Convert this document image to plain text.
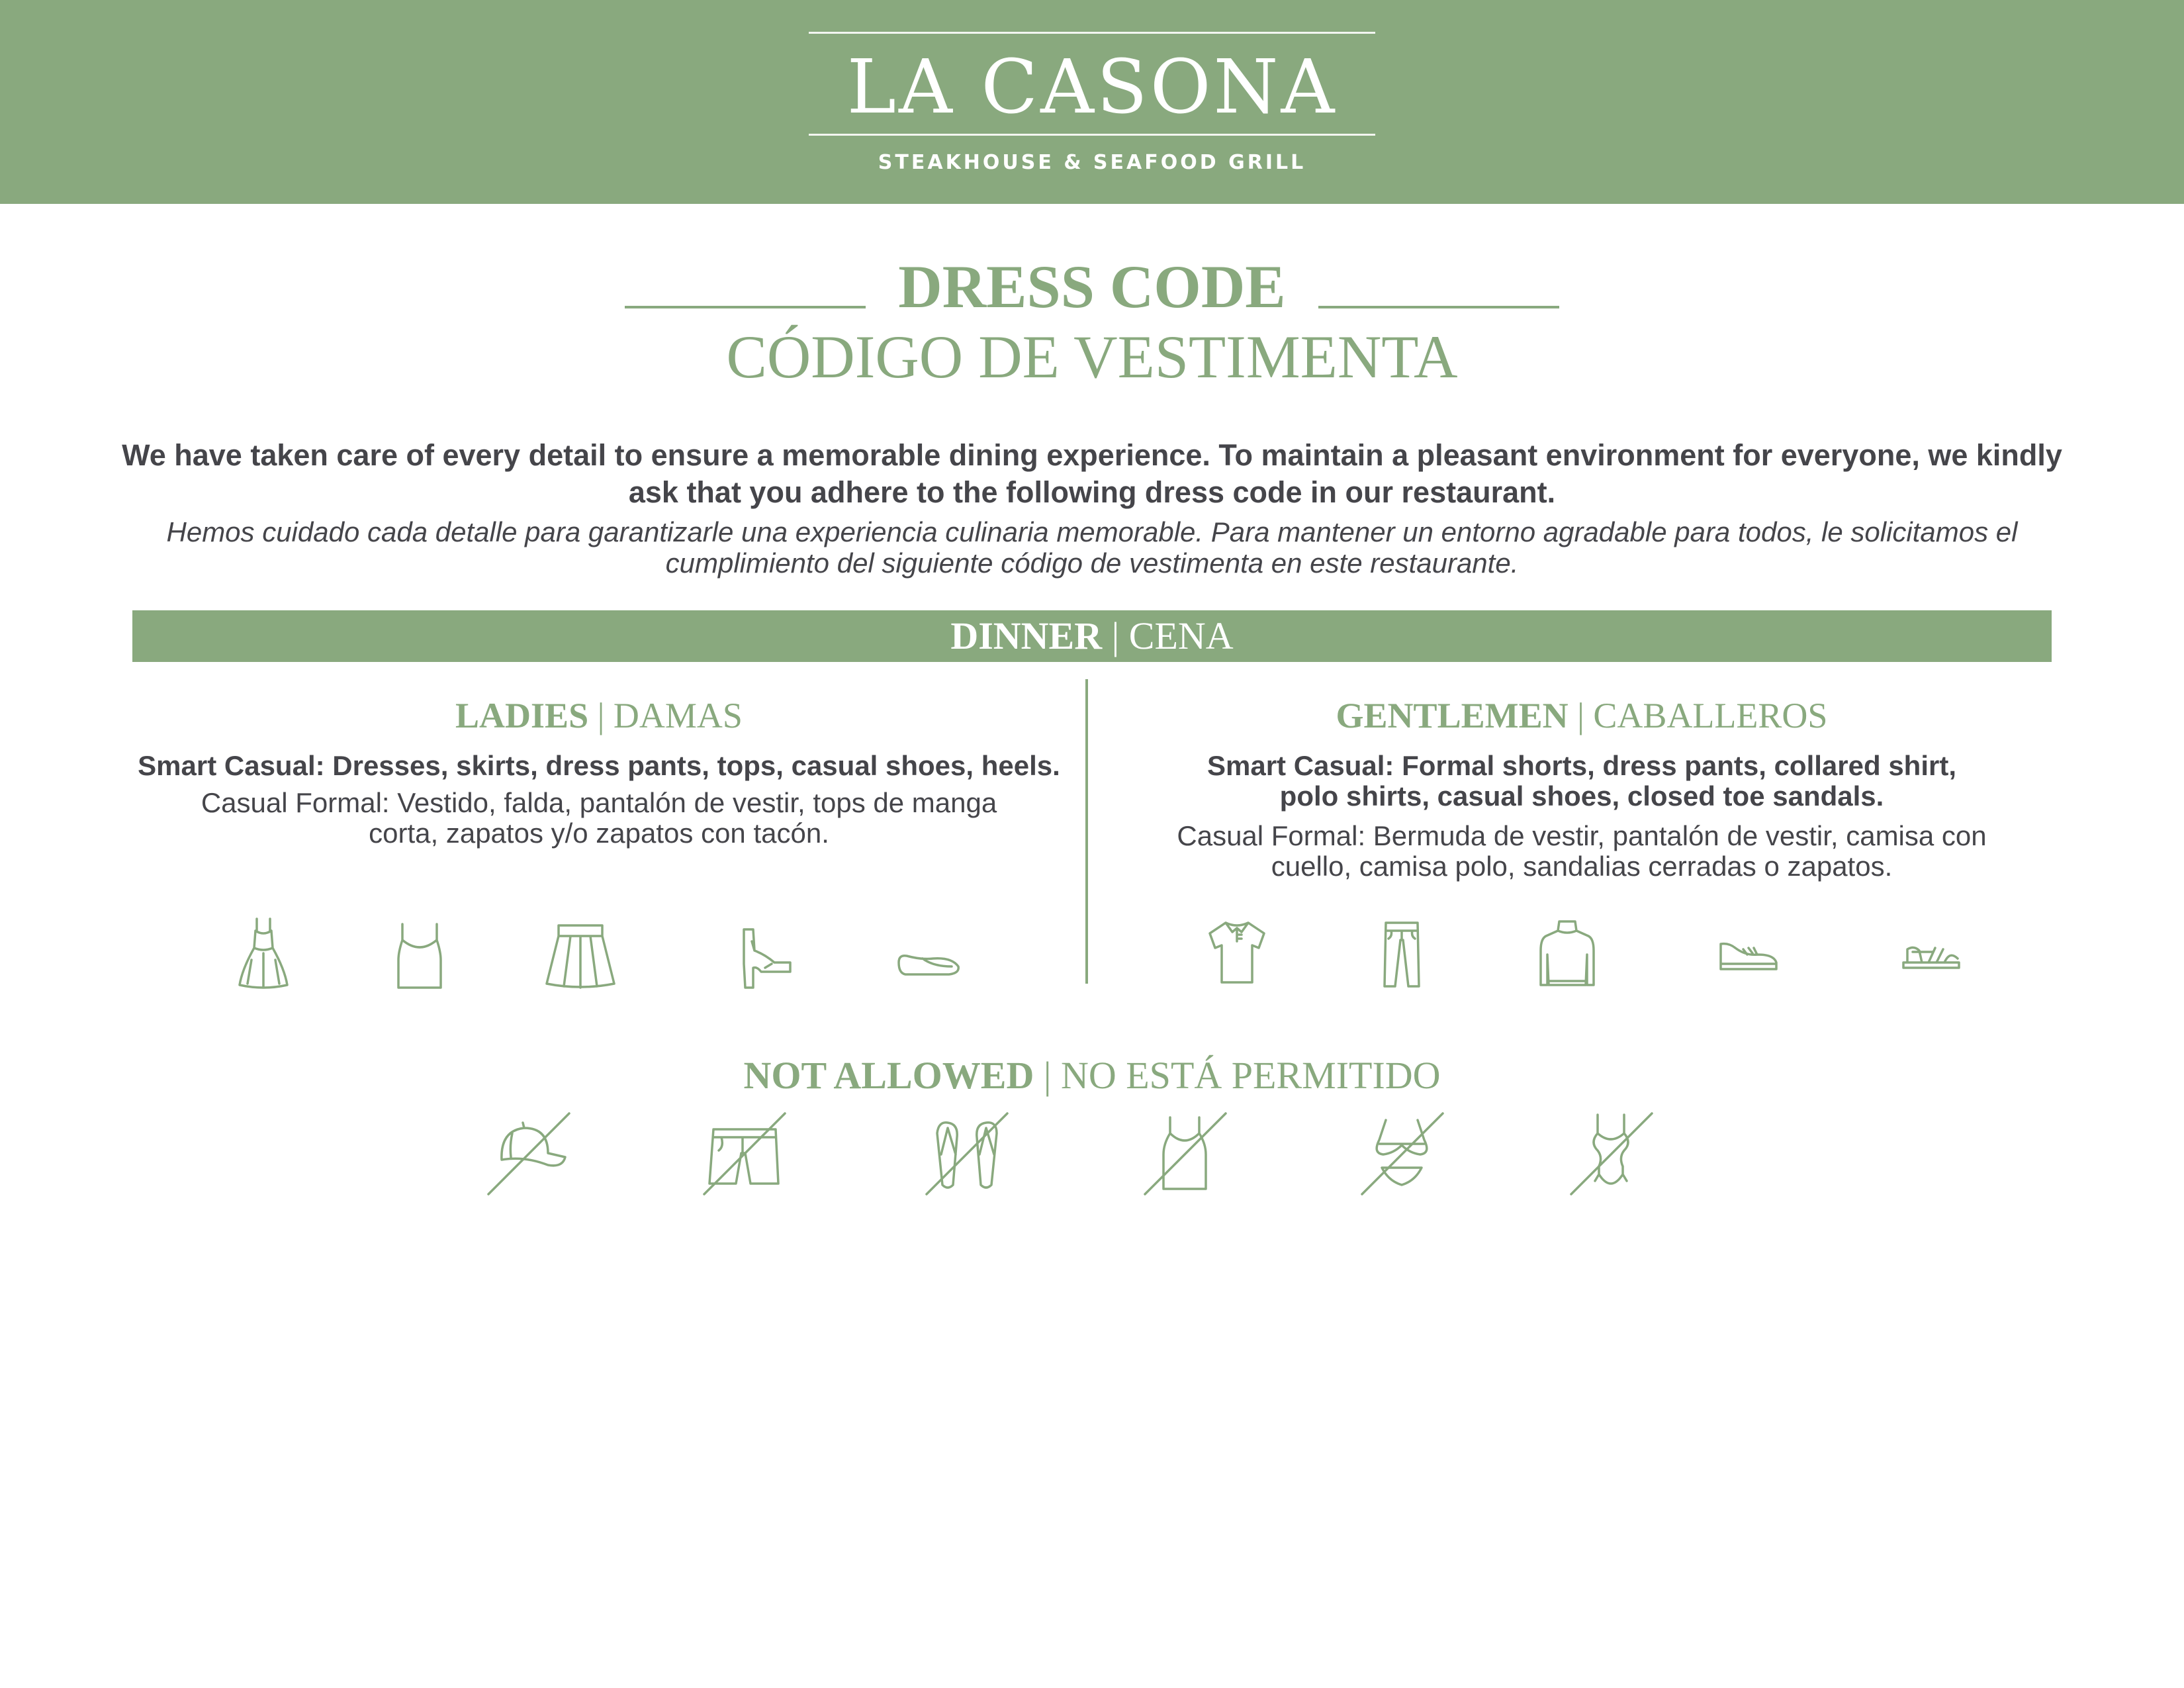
LA CASONA
STEAKHOUSE & SEAFOOD GRILL
DRESS CODE
CÓDIGO DE VESTIMENTA
We have taken care of every detail to ensure a memorable dining experience. To maintain a pleasant environment for everyone, we kindly ask that you adhere to the following dress code in our restaurant.
Hemos cuidado cada detalle para garantizarle una experiencia culinaria memorable. Para mantener un entorno agradable para todos, le solicitamos el cumplimiento del siguiente código de vestimenta en este restaurante.
DINNER | CENA
LADIES | DAMAS
Smart Casual: Dresses, skirts, dress pants, tops, casual shoes, heels.
Casual Formal: Vestido, falda, pantalón de vestir, tops de manga corta, zapatos y/o zapatos con tacón.
GENTLEMEN | CABALLEROS
Smart Casual: Formal shorts, dress pants, collared shirt, polo shirts, casual shoes, closed toe sandals.
Casual Formal: Bermuda de vestir, pantalón de vestir, camisa con cuello, camisa polo, sandalias cerradas o zapatos.
NOT ALLOWED | NO ESTÁ PERMITIDO
